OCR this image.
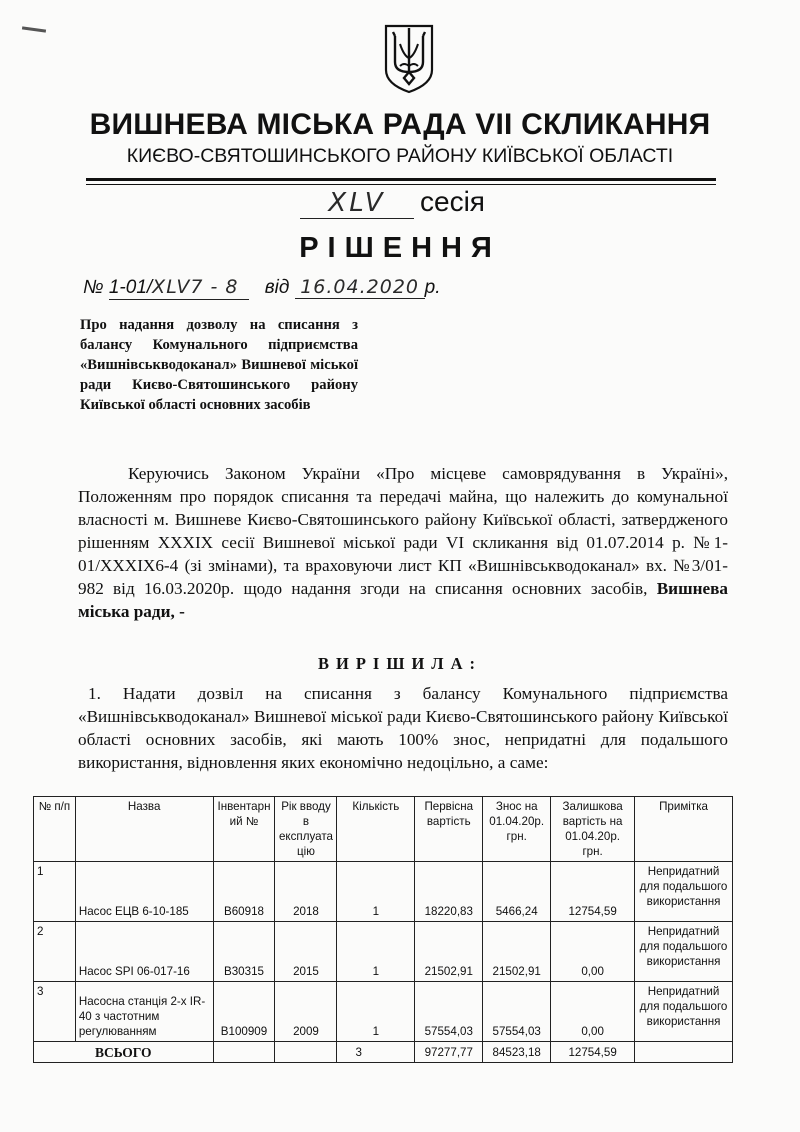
ВИШНЕВА МІСЬКА РАДА VII СКЛИКАННЯ
КИЄВО-СВЯТОШИНСЬКОГО РАЙОНУ КИЇВСЬКОЇ ОБЛАСТІ
XLV сесія
РІШЕННЯ
№ 1-01/XLV7 - 8 від 16.04.2020 р.
Про надання дозволу на списання з балансу Комунального підприємства «Вишнівськводоканал» Вишневої міської ради Києво-Святошинського району Київської області основних засобів
Керуючись Законом України «Про місцеве самоврядування в Україні», Положенням про порядок списання та передачі майна, що належить до комунальної власності м. Вишневе Києво-Святошинського району Київської області, затвердженого рішенням XXXIX сесії Вишневої міської ради VI скликання від 01.07.2014 р. №1-01/XXXIX6-4 (зі змінами), та враховуючи лист КП «Вишнівськводоканал» вх. №3/01-982 від 16.03.2020р. щодо надання згоди на списання основних засобів, Вишнева міська ради, -
ВИРІШИЛА:
1. Надати дозвіл на списання з балансу Комунального підприємства «Вишнівськводоканал» Вишневої міської ради Києво-Святошинського району Київської області основних засобів, які мають 100% знос, непридатні для подальшого використання, відновлення яких економічно недоцільно, а саме:
№ п/п	Назва	Інвентарн ий №	Рік вводу в експлуата цію	Кількість	Первісна вартість	Знос на 01.04.20р. грн.	Залишкова вартість на 01.04.20р. грн.	Примітка
1	Насос ЕЦВ 6-10-185	В60918	2018	1	18220,83	5466,24	12754,59	Непридатний для подальшого використання
2	Насос SPI 06-017-16	В30315	2015	1	21502,91	21502,91	0,00	Непридатний для подальшого використання
3	Насосна станція 2-х IR-40 з частотним регулюванням	В100909	2009	1	57554,03	57554,03	0,00	Непридатний для подальшого використання
ВСЬОГО				3	97277,77	84523,18	12754,59	
